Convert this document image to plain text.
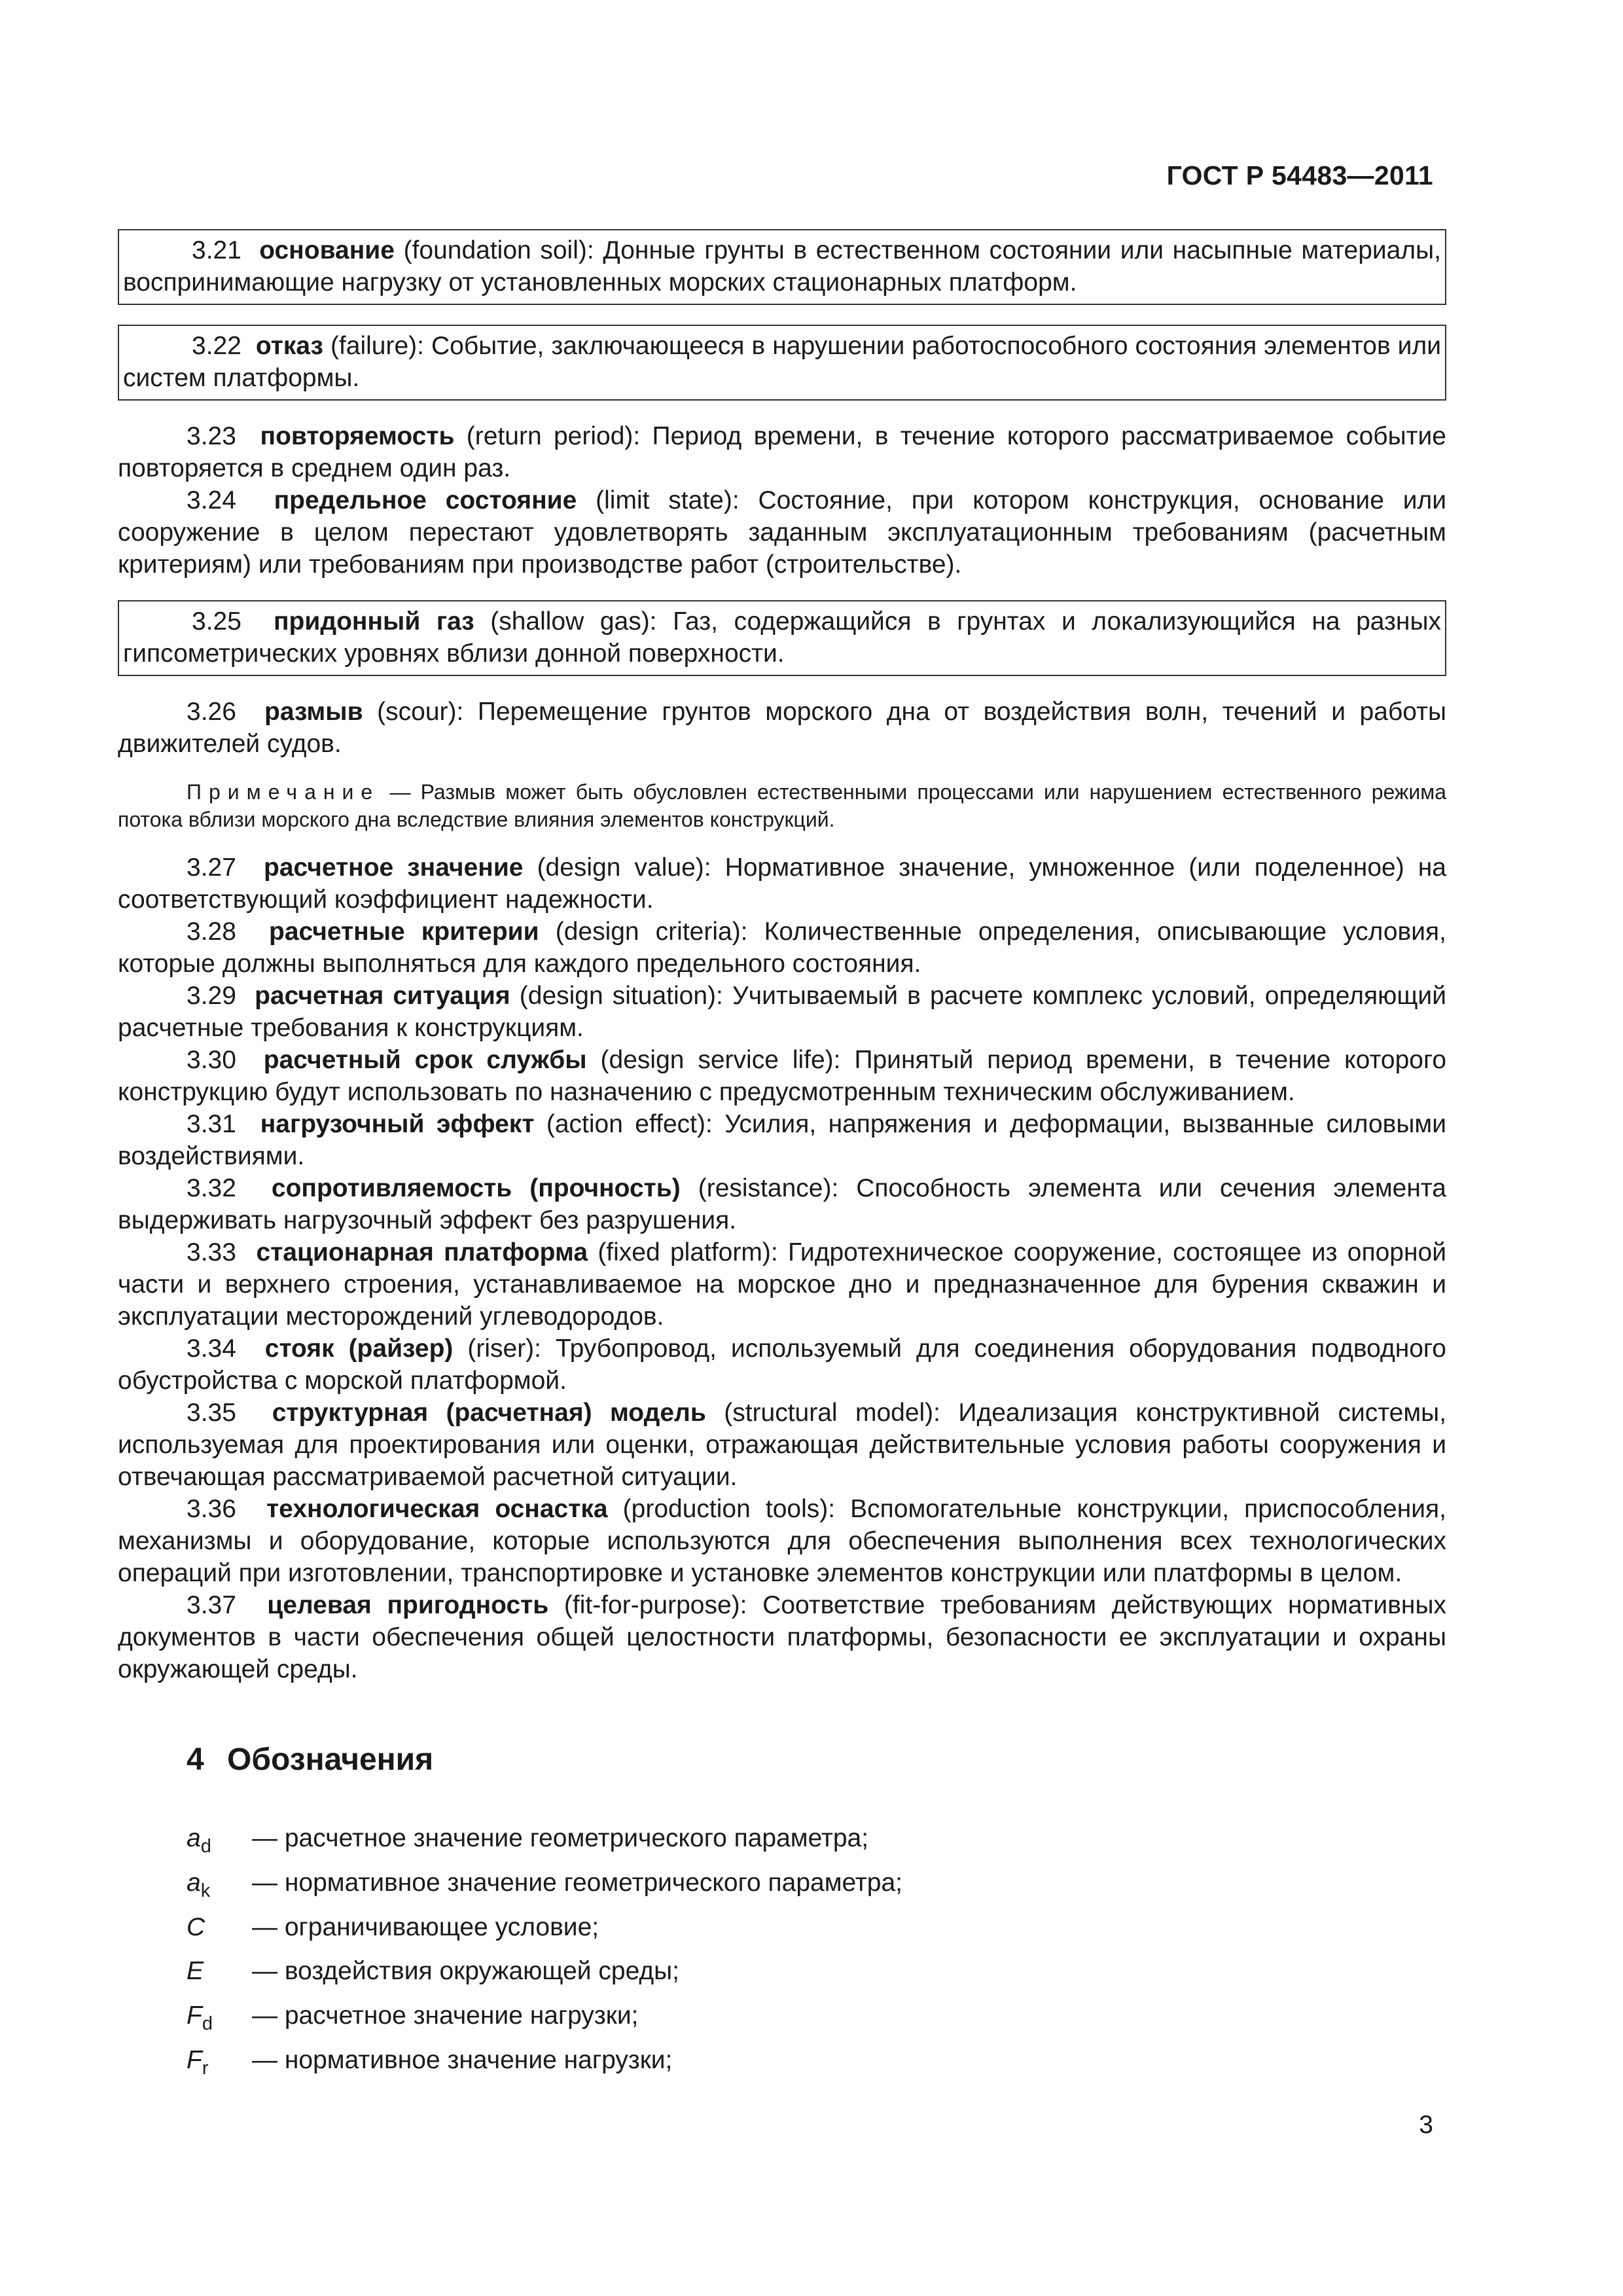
ГОСТ Р 54483—2011

3.21 основание (foundation soil): Донные грунты в естественном состоянии или насыпные материалы, воспринимающие нагрузку от установленных морских стационарных платформ.

3.22 отказ (failure): Событие, заключающееся в нарушении работоспособного состояния элементов или систем платформы.

3.23 повторяемость (return period): Период времени, в течение которого рассматриваемое событие повторяется в среднем один раз.

3.24 предельное состояние (limit state): Состояние, при котором конструкция, основание или сооружение в целом перестают удовлетворять заданным эксплуатационным требованиям (расчетным критериям) или требованиям при производстве работ (строительстве).

3.25 придонный газ (shallow gas): Газ, содержащийся в грунтах и локализующийся на разных гипсометрических уровнях вблизи донной поверхности.

3.26 размыв (scour): Перемещение грунтов морского дна от воздействия волн, течений и работы движителей судов.

Примечание — Размыв может быть обусловлен естественными процессами или нарушением естественного режима потока вблизи морского дна вследствие влияния элементов конструкций.

3.27 расчетное значение (design value): Нормативное значение, умноженное (или поделенное) на соответствующий коэффициент надежности.

3.28 расчетные критерии (design criteria): Количественные определения, описывающие условия, которые должны выполняться для каждого предельного состояния.

3.29 расчетная ситуация (design situation): Учитываемый в расчете комплекс условий, определяющий расчетные требования к конструкциям.

3.30 расчетный срок службы (design service life): Принятый период времени, в течение которого конструкцию будут использовать по назначению с предусмотренным техническим обслуживанием.

3.31 нагрузочный эффект (action effect): Усилия, напряжения и деформации, вызванные силовыми воздействиями.

3.32 сопротивляемость (прочность) (resistance): Способность элемента или сечения элемента выдерживать нагрузочный эффект без разрушения.

3.33 стационарная платформа (fixed platform): Гидротехническое сооружение, состоящее из опорной части и верхнего строения, устанавливаемое на морское дно и предназначенное для бурения скважин и эксплуатации месторождений углеводородов.

3.34 стояк (райзер) (riser): Трубопровод, используемый для соединения оборудования подводного обустройства с морской платформой.

3.35 структурная (расчетная) модель (structural model): Идеализация конструктивной системы, используемая для проектирования или оценки, отражающая действительные условия работы сооружения и отвечающая рассматриваемой расчетной ситуации.

3.36 технологическая оснастка (production tools): Вспомогательные конструкции, приспособления, механизмы и оборудование, которые используются для обеспечения выполнения всех технологических операций при изготовлении, транспортировке и установке элементов конструкции или платформы в целом.

3.37 целевая пригодность (fit-for-purpose): Соответствие требованиям действующих нормативных документов в части обеспечения общей целостности платформы, безопасности ее эксплуатации и охраны окружающей среды.

4 Обозначения
$a_d$	— расчетное значение геометрического параметра;
$a_k$	— нормативное значение геометрического параметра;
C	— ограничивающее условие;
E	— воздействия окружающей среды;
$F_d$	— расчетное значение нагрузки;
$F_r$	— нормативное значение нагрузки;
3
